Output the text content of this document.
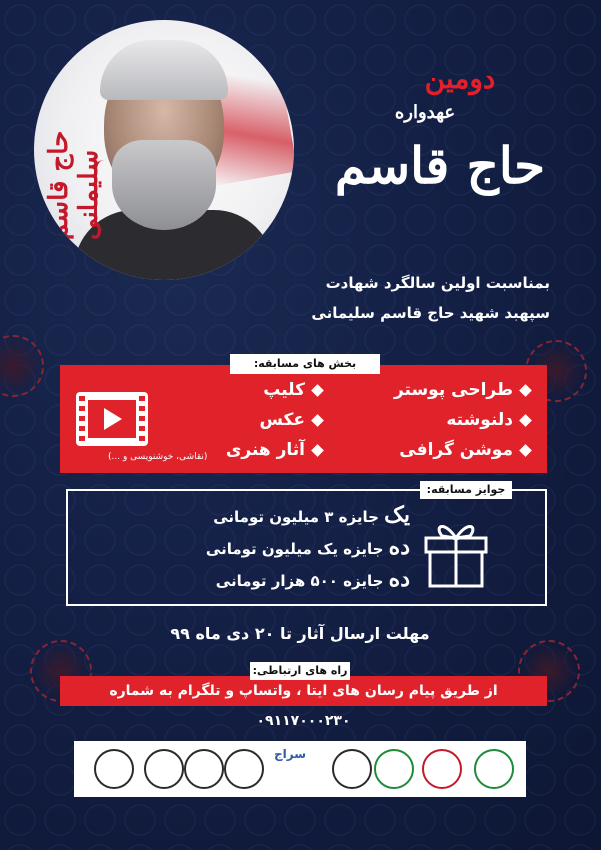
حاج قاسم سلیمانی
دومین
عهدواره
حاج قاسم
بمناسبت اولین سالگرد شهادت
سپهبد شهید حاج قاسم سلیمانی
بخش های مسابقه:
طراحی پوستر
دلنوشته
موشن گرافی
کلیپ
عکس
آثار هنری
(نقاشی، خوشنویسی و ...)
جوایز مسابقه:
یک جایزه ۳ میلیون تومانی
ده جایزه یک میلیون تومانی
ده جایزه ۵۰۰ هزار تومانی
مهلت ارسال آثار تا ۲۰ دی ماه ۹۹
از طریق پیام رسان های ایتا ، واتساپ و تلگرام به شماره ۰۹۱۱۷۰۰۰۲۳۰
راه های ارتباطی:
سراج
